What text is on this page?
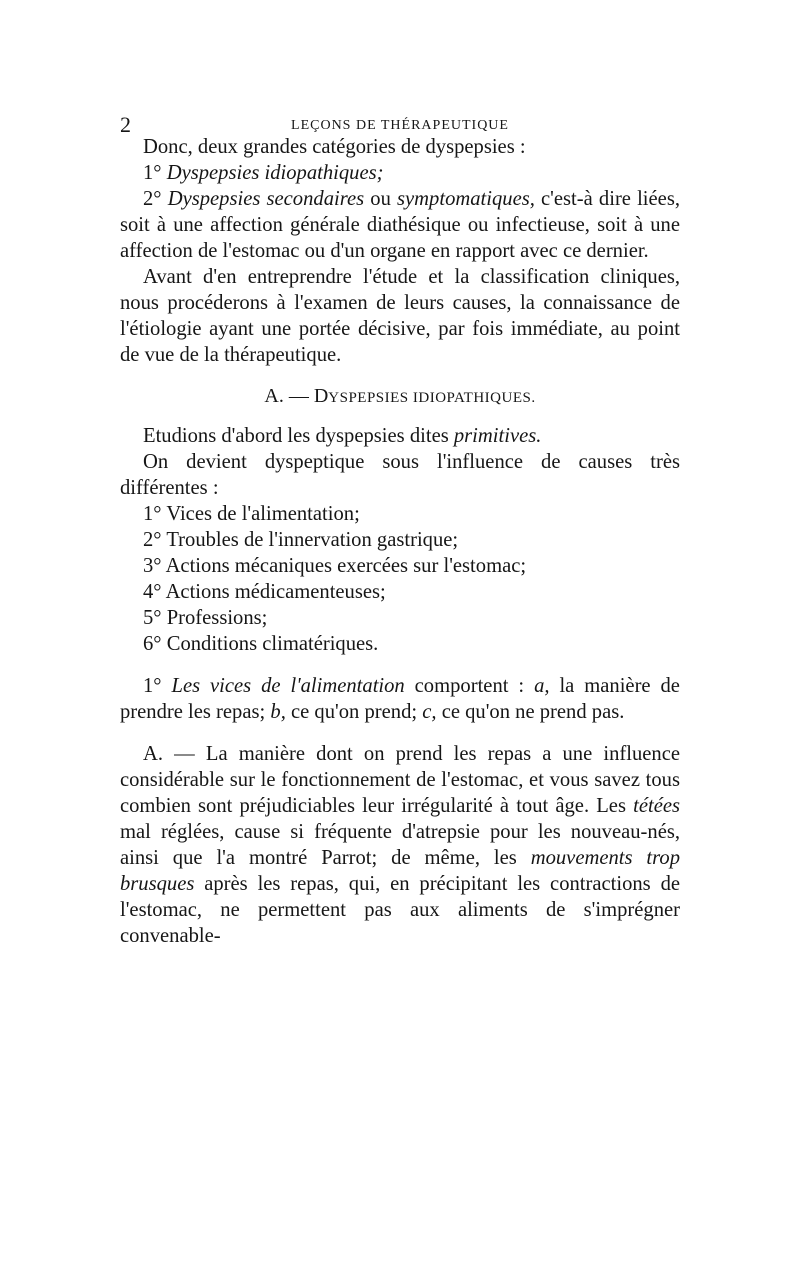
2	LEÇONS DE THÉRAPEUTIQUE

Donc, deux grandes catégories de dyspepsies :

1° Dyspepsies idiopathiques;

2° Dyspepsies secondaires ou symptomatiques, c'est-à dire liées, soit à une affection générale diathésique ou infectieuse, soit à une affection de l'estomac ou d'un organe en rapport avec ce dernier.

Avant d'en entreprendre l'étude et la classification cliniques, nous procéderons à l'examen de leurs causes, la connaissance de l'étiologie ayant une portée décisive, par fois immédiate, au point de vue de la thérapeutique.

A. — DYSPEPSIES IDIOPATHIQUES.

Etudions d'abord les dyspepsies dites primitives.

On devient dyspeptique sous l'influence de causes très différentes :

1° Vices de l'alimentation;

2° Troubles de l'innervation gastrique;

3° Actions mécaniques exercées sur l'estomac;

4° Actions médicamenteuses;

5° Professions;

6° Conditions climatériques.

1° Les vices de l'alimentation comportent : a, la manière de prendre les repas; b, ce qu'on prend; c, ce qu'on ne prend pas.

A. — La manière dont on prend les repas a une influence considérable sur le fonctionnement de l'estomac, et vous savez tous combien sont préjudiciables leur irrégularité à tout âge. Les tétées mal réglées, cause si fréquente d'atrepsie pour les nouveau-nés, ainsi que l'a montré Parrot; de même, les mouvements trop brusques après les repas, qui, en précipitant les contractions de l'estomac, ne permettent pas aux aliments de s'imprégner convenable-
